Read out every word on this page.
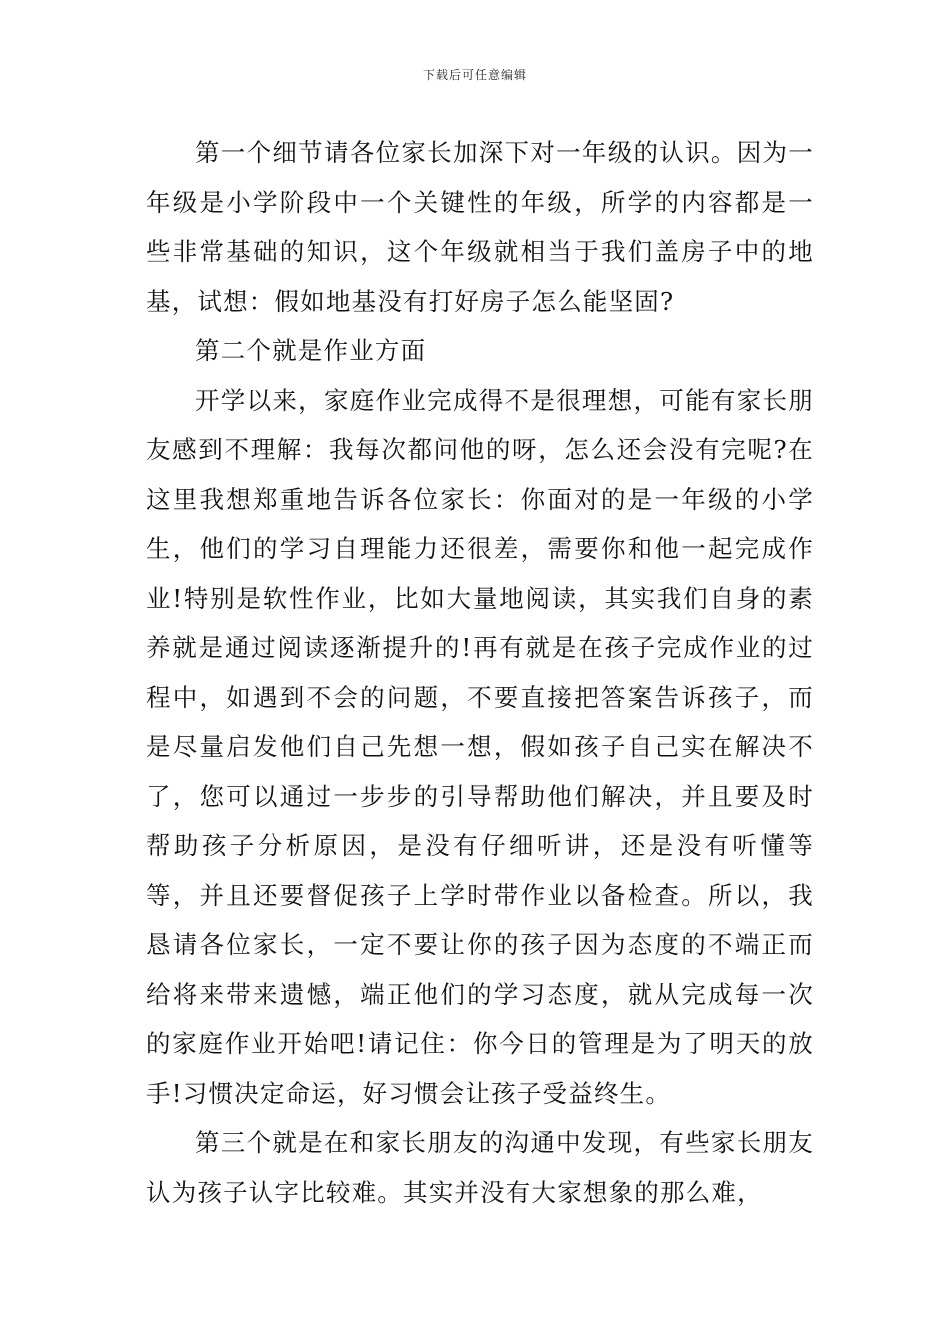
下载后可任意编辑

第一个细节请各位家长加深下对一年级的认识。因为一年级是小学阶段中一个关键性的年级，所学的内容都是一些非常基础的知识，这个年级就相当于我们盖房子中的地基，试想：假如地基没有打好房子怎么能坚固?

第二个就是作业方面

开学以来，家庭作业完成得不是很理想，可能有家长朋友感到不理解：我每次都问他的呀，怎么还会没有完呢?在这里我想郑重地告诉各位家长：你面对的是一年级的小学生，他们的学习自理能力还很差，需要你和他一起完成作业!特别是软性作业，比如大量地阅读，其实我们自身的素养就是通过阅读逐渐提升的!再有就是在孩子完成作业的过程中，如遇到不会的问题，不要直接把答案告诉孩子，而是尽量启发他们自己先想一想，假如孩子自己实在解决不了，您可以通过一步步的引导帮助他们解决，并且要及时帮助孩子分析原因，是没有仔细听讲，还是没有听懂等等，并且还要督促孩子上学时带作业以备检查。所以，我恳请各位家长，一定不要让你的孩子因为态度的不端正而给将来带来遗憾，端正他们的学习态度，就从完成每一次的家庭作业开始吧!请记住：你今日的管理是为了明天的放手!习惯决定命运，好习惯会让孩子受益终生。

第三个就是在和家长朋友的沟通中发现，有些家长朋友认为孩子认字比较难。其实并没有大家想象的那么难，
